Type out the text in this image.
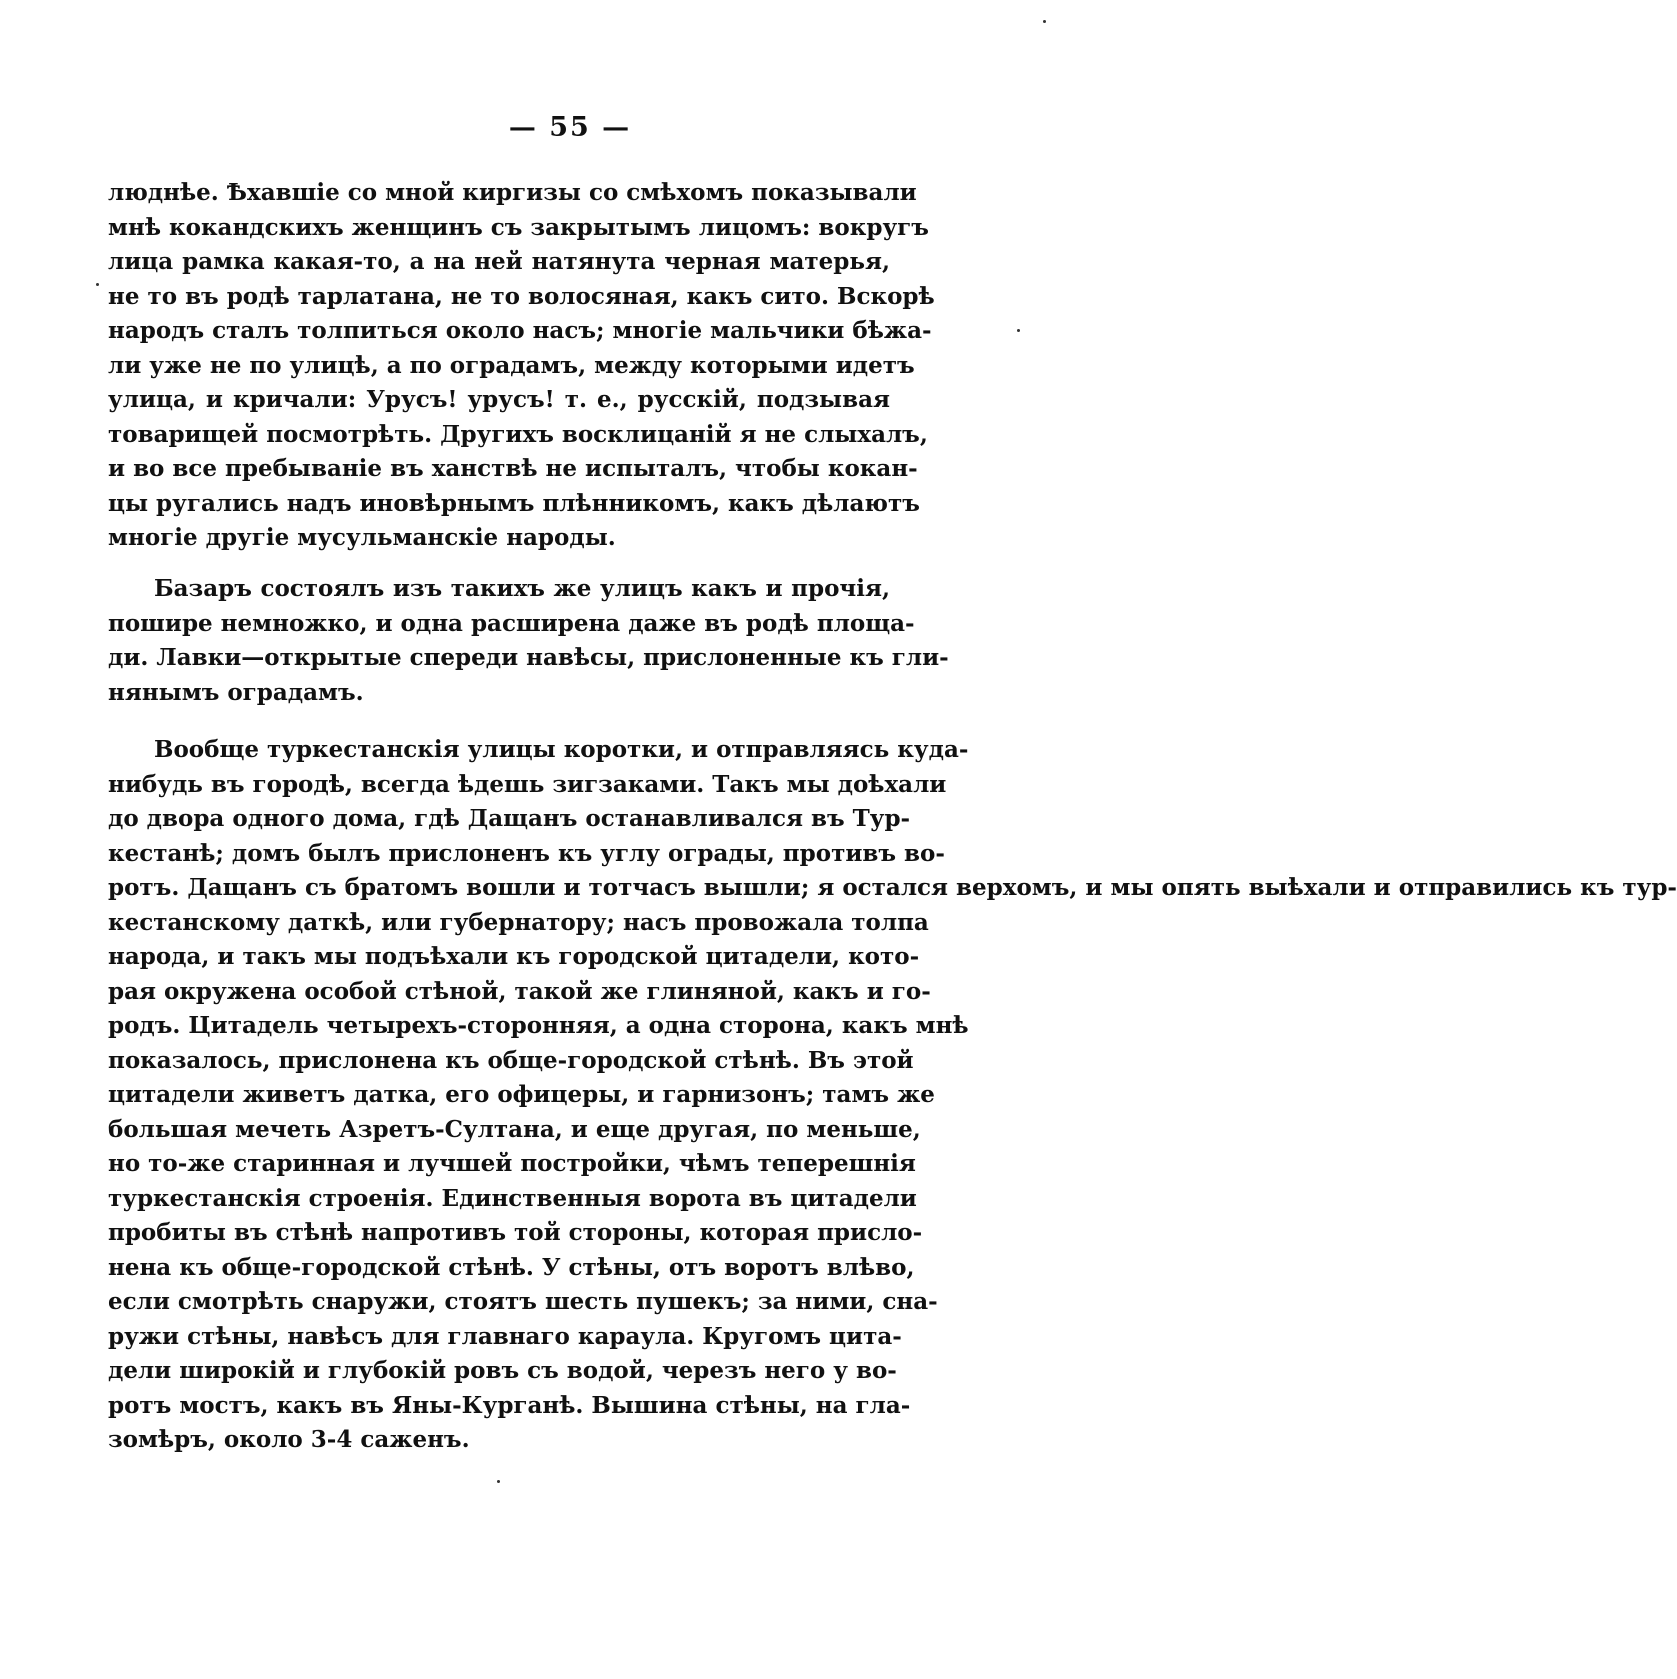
— 55 —
люднѣе. Ѣхавшіе со мной киргизы со смѣхомъ показывали
мнѣ кокандскихъ женщинъ съ закрытымъ лицомъ: вокругъ
лица рамка какая-то, а на ней натянута черная матерья,
не то въ родѣ тарлатана, не то волосяная, какъ сито. Вскорѣ
народъ сталъ толпиться около насъ; многіе мальчики бѣжа-
ли уже не по улицѣ, а по оградамъ, между которыми идетъ
улица, и кричали: Урусъ! урусъ! т. е., русскій, подзывая
товарищей посмотрѣть. Другихъ восклицаній я не слыхалъ,
и во все пребываніе въ ханствѣ не испыталъ, чтобы кокан-
цы ругались надъ иновѣрнымъ плѣнникомъ, какъ дѣлаютъ
многіе другіе мусульманскіе народы.
Базаръ состоялъ изъ такихъ же улицъ какъ и прочія,
пошире немножко, и одна расширена даже въ родѣ площа-
ди. Лавки—открытые спереди навѣсы, прислоненные къ гли-
нянымъ оградамъ.
Вообще туркестанскія улицы коротки, и отправляясь куда-
нибудь въ городѣ, всегда ѣдешь зигзаками. Такъ мы доѣхали
до двора одного дома, гдѣ Дащанъ останавливался въ Тур-
кестанѣ; домъ былъ прислоненъ къ углу ограды, противъ во-
ротъ. Дащанъ съ братомъ вошли и тотчасъ вышли; я остался верхомъ, и мы опять выѣхали и отправились къ тур-
кестанскому даткѣ, или губернатору; насъ провожала толпа
народа, и такъ мы подъѣхали къ городской цитадели, кото-
рая окружена особой стѣной, такой же глиняной, какъ и го-
родъ. Цитадель четырехъ-сторонняя, а одна сторона, какъ мнѣ
показалось, прислонена къ обще-городской стѣнѣ. Въ этой
цитадели живетъ датка, его офицеры, и гарнизонъ; тамъ же
большая мечеть Азретъ-Султана, и еще другая, по меньше,
но то-же старинная и лучшей постройки, чѣмъ теперешнія
туркестанскія строенія. Единственныя ворота въ цитадели
пробиты въ стѣнѣ напротивъ той стороны, которая прислo-
нена къ обще-городской стѣнѣ. У стѣны, отъ воротъ влѣво,
если смотрѣть снаружи, стоятъ шесть пушекъ; за ними, сна-
ружи стѣны, навѣсъ для главнаго караула. Кругомъ цита-
дели широкій и глубокій ровъ съ водой, черезъ него у во-
ротъ мостъ, какъ въ Яны-Курганѣ. Вышина стѣны, на гла-
зомѣръ, около 3-4 саженъ.
